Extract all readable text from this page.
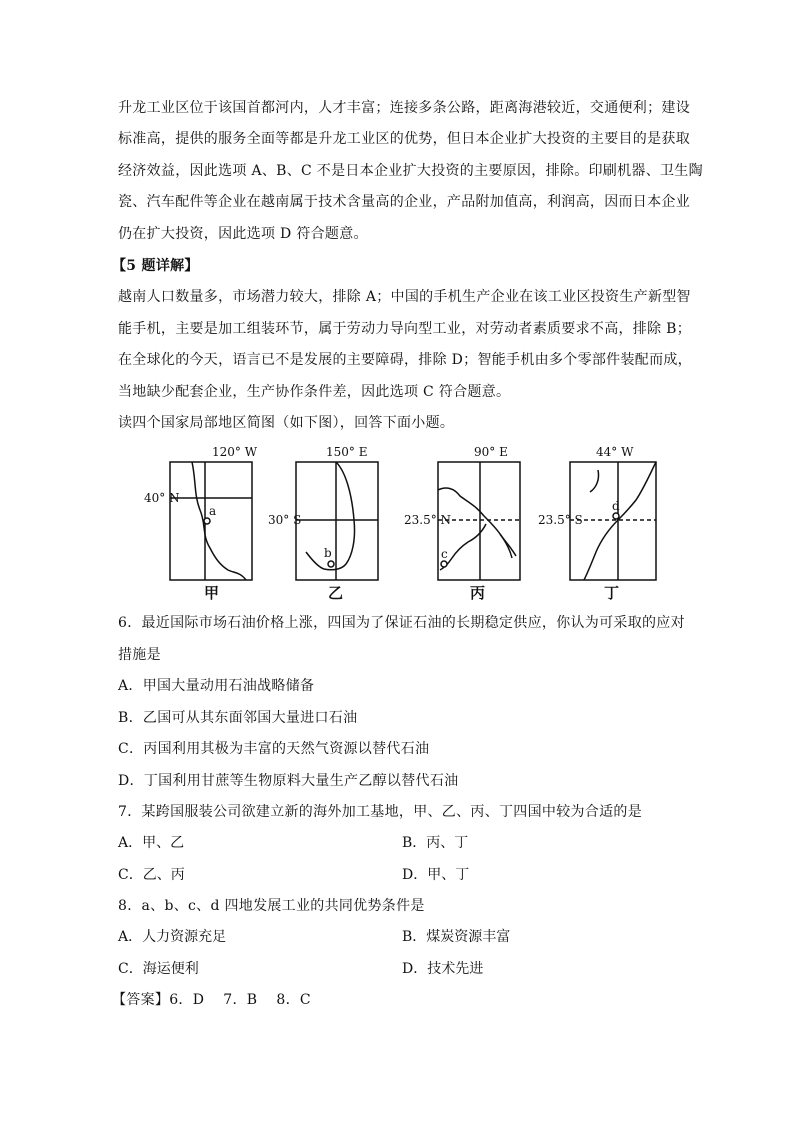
升龙工业区位于该国首都河内，人才丰富；连接多条公路，距离海港较近，交通便利；建设
标准高，提供的服务全面等都是升龙工业区的优势，但日本企业扩大投资的主要目的是获取
经济效益，因此选项 A、B、C 不是日本企业扩大投资的主要原因，排除。印刷机器、卫生陶
瓷、汽车配件等企业在越南属于技术含量高的企业，产品附加值高，利润高，因而日本企业
仍在扩大投资，因此选项 D 符合题意。
【5 题详解】
越南人口数量多，市场潜力较大，排除 A；中国的手机生产企业在该工业区投资生产新型智
能手机，主要是加工组装环节，属于劳动力导向型工业，对劳动者素质要求不高，排除 B；
在全球化的今天，语言已不是发展的主要障碍，排除 D；智能手机由多个零部件装配而成，
当地缺少配套企业，生产协作条件差，因此选项 C 符合题意。
读四个国家局部地区简图（如下图），回答下面小题。
120° W
40° N
a
甲
150° E
30° S
b
乙
90° E
23.5° N
c
丙
44° W
23.5° S
d
丁
6．最近国际市场石油价格上涨，四国为了保证石油的长期稳定供应，你认为可采取的应对
措施是
A．甲国大量动用石油战略储备
B．乙国可从其东面邻国大量进口石油
C．丙国利用其极为丰富的天然气资源以替代石油
D．丁国利用甘蔗等生物原料大量生产乙醇以替代石油
7．某跨国服装公司欲建立新的海外加工基地，甲、乙、丙、丁四国中较为合适的是
A．甲、乙	B．丙、丁
C．乙、丙	D．甲、丁
8．a、b、c、d 四地发展工业的共同优势条件是
A．人力资源充足	B．煤炭资源丰富
C．海运便利	D．技术先进
【答案】6．D　 7．B　 8．C
